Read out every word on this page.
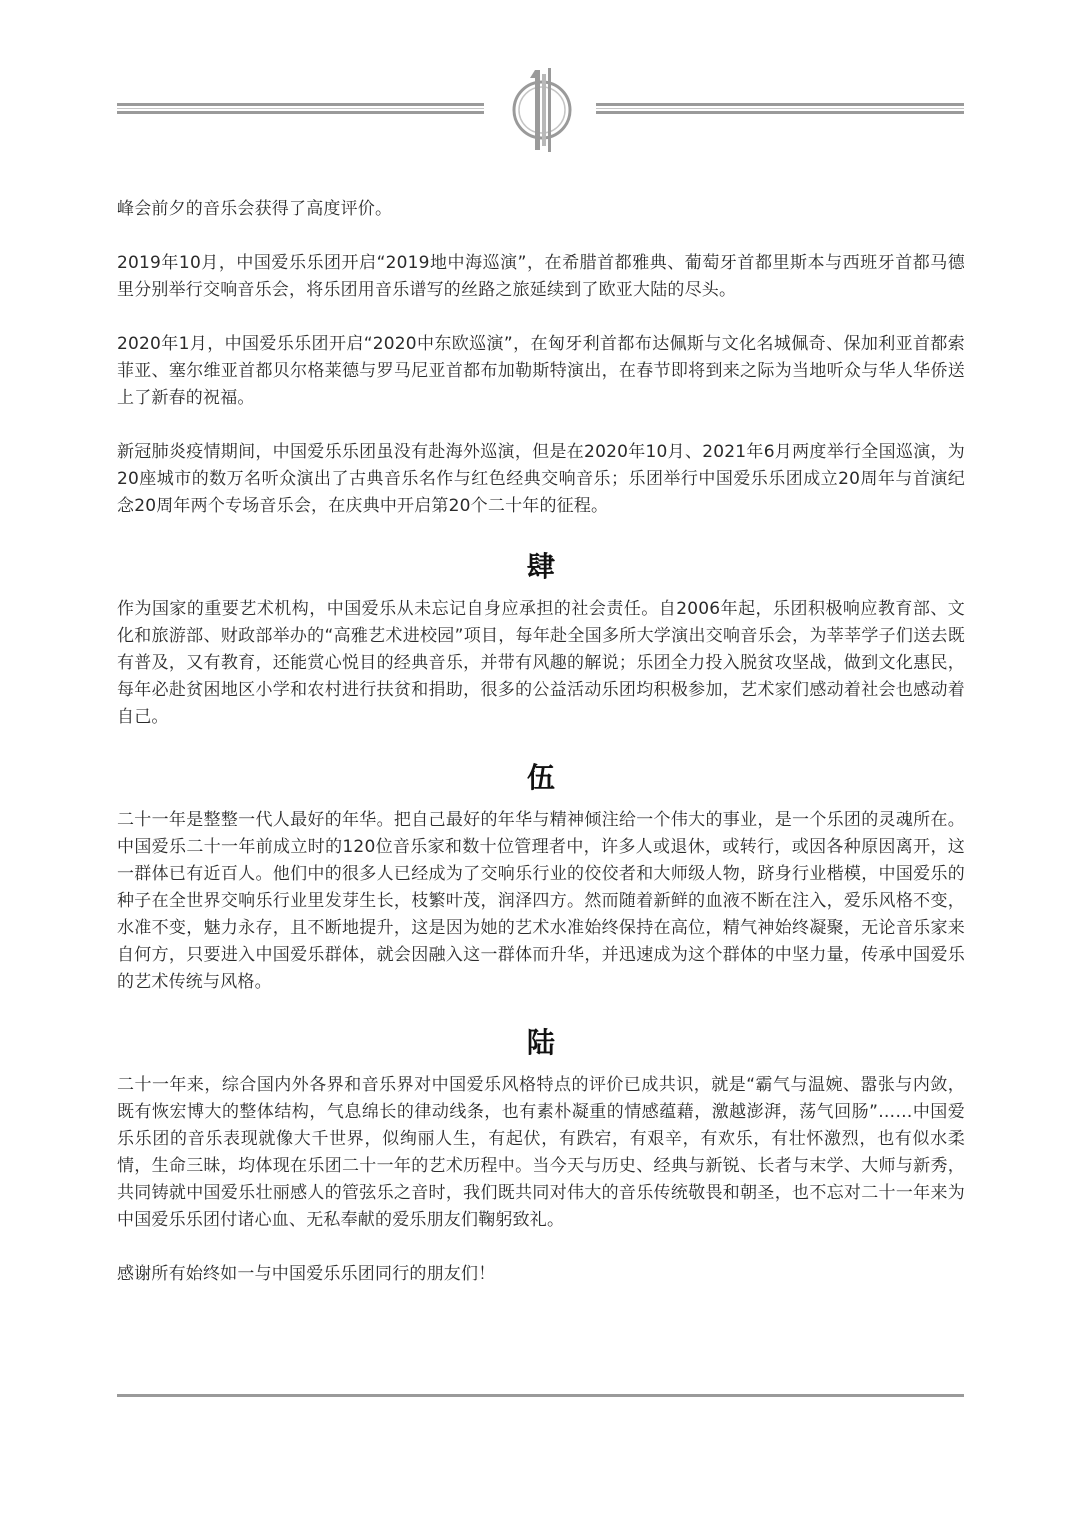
峰会前夕的音乐会获得了高度评价。

2019年10月，中国爱乐乐团开启“2019地中海巡演”，在希腊首都雅典、葡萄牙首都里斯本与西班牙首都马德里分别举行交响音乐会，将乐团用音乐谱写的丝路之旅延续到了欧亚大陆的尽头。

2020年1月，中国爱乐乐团开启“2020中东欧巡演”，在匈牙利首都布达佩斯与文化名城佩奇、保加利亚首都索菲亚、塞尔维亚首都贝尔格莱德与罗马尼亚首都布加勒斯特演出，在春节即将到来之际为当地听众与华人华侨送上了新春的祝福。

新冠肺炎疫情期间，中国爱乐乐团虽没有赴海外巡演，但是在2020年10月、2021年6月两度举行全国巡演，为20座城市的数万名听众演出了古典音乐名作与红色经典交响音乐；乐团举行中国爱乐乐团成立20周年与首演纪念20周年两个专场音乐会，在庆典中开启第20个二十年的征程。

肆

作为国家的重要艺术机构，中国爱乐从未忘记自身应承担的社会责任。自2006年起，乐团积极响应教育部、文化和旅游部、财政部举办的“高雅艺术进校园”项目，每年赴全国多所大学演出交响音乐会，为莘莘学子们送去既有普及，又有教育，还能赏心悦目的经典音乐，并带有风趣的解说；乐团全力投入脱贫攻坚战，做到文化惠民，每年必赴贫困地区小学和农村进行扶贫和捐助，很多的公益活动乐团均积极参加，艺术家们感动着社会也感动着自己。

伍

二十一年是整整一代人最好的年华。把自己最好的年华与精神倾注给一个伟大的事业，是一个乐团的灵魂所在。中国爱乐二十一年前成立时的120位音乐家和数十位管理者中，许多人或退休，或转行，或因各种原因离开，这一群体已有近百人。他们中的很多人已经成为了交响乐行业的佼佼者和大师级人物，跻身行业楷模，中国爱乐的种子在全世界交响乐行业里发芽生长，枝繁叶茂，润泽四方。然而随着新鲜的血液不断在注入，爱乐风格不变，水准不变，魅力永存，且不断地提升，这是因为她的艺术水准始终保持在高位，精气神始终凝聚，无论音乐家来自何方，只要进入中国爱乐群体，就会因融入这一群体而升华，并迅速成为这个群体的中坚力量，传承中国爱乐的艺术传统与风格。

陆

二十一年来，综合国内外各界和音乐界对中国爱乐风格特点的评价已成共识，就是“霸气与温婉、嚣张与内敛，既有恢宏博大的整体结构，气息绵长的律动线条，也有素朴凝重的情感蕴藉，激越澎湃，荡气回肠”……中国爱乐乐团的音乐表现就像大千世界，似绚丽人生，有起伏，有跌宕，有艰辛，有欢乐，有壮怀激烈，也有似水柔情，生命三昧，均体现在乐团二十一年的艺术历程中。当今天与历史、经典与新锐、长者与末学、大师与新秀，共同铸就中国爱乐壮丽感人的管弦乐之音时，我们既共同对伟大的音乐传统敬畏和朝圣，也不忘对二十一年来为中国爱乐乐团付诸心血、无私奉献的爱乐朋友们鞠躬致礼。

感谢所有始终如一与中国爱乐乐团同行的朋友们！
